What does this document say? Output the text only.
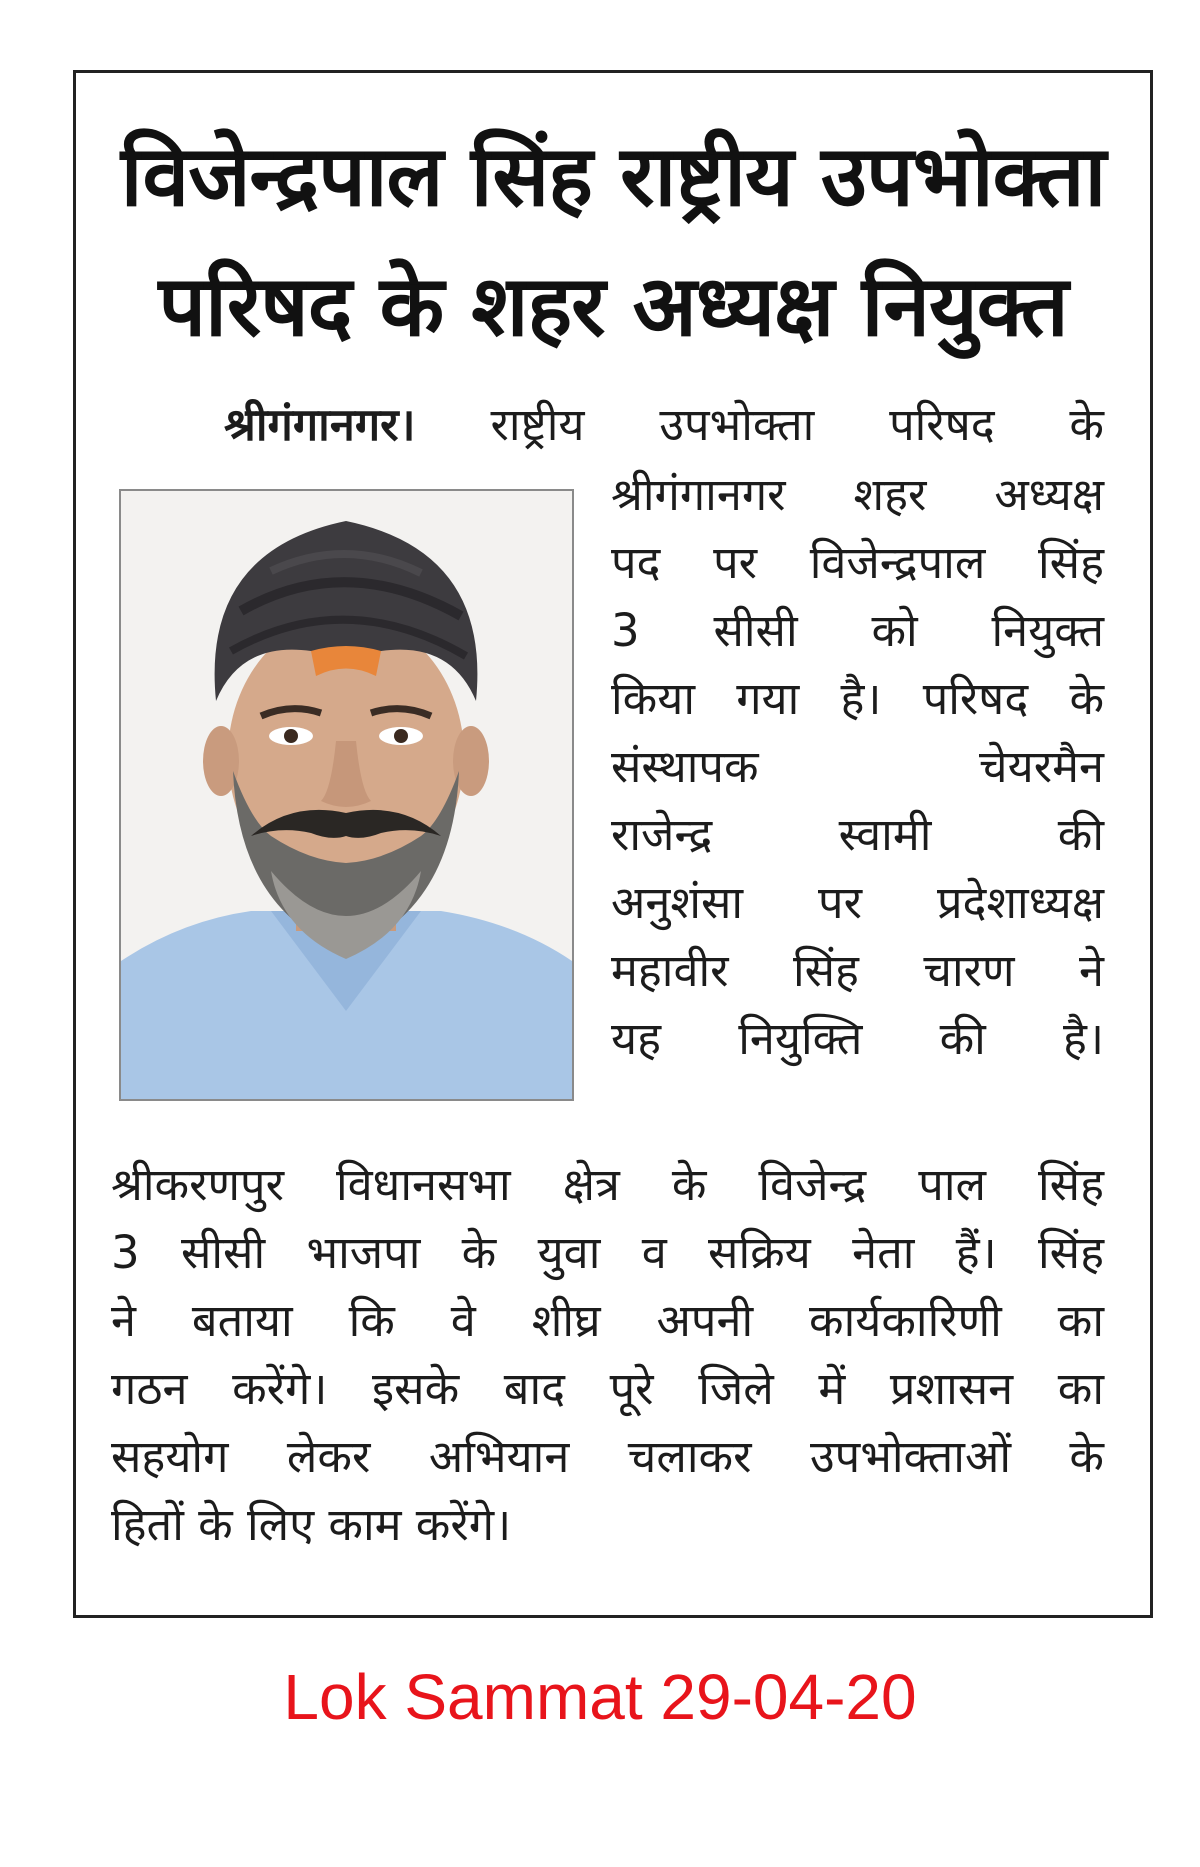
विजेन्द्रपाल सिंह राष्ट्रीय उपभोक्ता
परिषद के शहर अध्यक्ष नियुक्त
श्रीगंगानगर। राष्ट्रीय उपभोक्ता परिषद के
श्रीगंगानगर शहर अध्यक्ष
पद पर विजेन्द्रपाल सिंह
3 सीसी को नियुक्त
किया गया है। परिषद के
संस्थापक चेयरमैन
राजेन्द्र स्वामी की
अनुशंसा पर प्रदेशाध्यक्ष
महावीर सिंह चारण ने
यह नियुक्ति की है।
श्रीकरणपुर विधानसभा क्षेत्र के विजेन्द्र पाल सिंह
3 सीसी भाजपा के युवा व सक्रिय नेता हैं। सिंह
ने बताया कि वे शीघ्र अपनी कार्यकारिणी का
गठन करेंगे। इसके बाद पूरे जिले में प्रशासन का
सहयोग लेकर अभियान चलाकर उपभोक्ताओं के
हितों के लिए काम करेंगे।
Lok Sammat 29-04-20
